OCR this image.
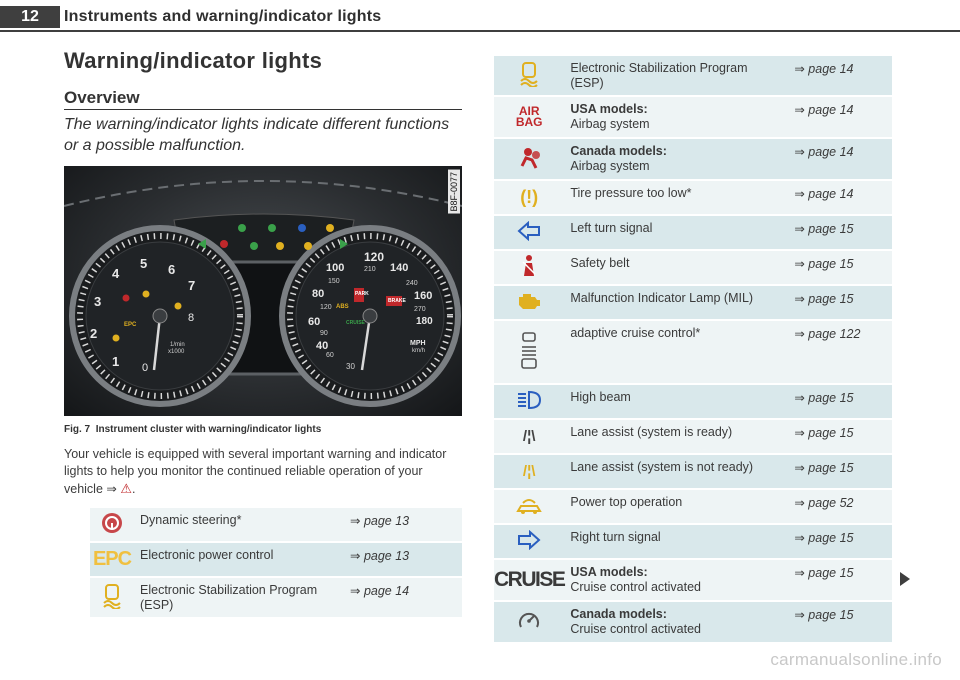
12	Instruments and warning/indicator lights
Warning/indicator lights
Overview

The warning/indicator lights indicate different functions or a possible malfunction.

1
2
3
4
5 6
7
8
0
1/min
x1000
EPC
120
100	140
80	160
60
40
180
210
240
150
270
120
90
60
30
MPH
km/h
ABS
CRUISE
BRAKE
PARK
B8F-0077

Fig. 7 Instrument cluster with warning/indicator lights

Your vehicle is equipped with several important warning and indicator lights to help you monitor the continued reliable operation of your vehicle ⇒ ⚠.

	Dynamic steering*	⇒ page 13
EPC	Electronic power control	⇒ page 13
	Electronic Stabilization Program (ESP)	⇒ page 14
	Electronic Stabilization Program (ESP)	⇒ page 14

AIR
BAG	USA models:
Airbag system	⇒ page 14

Canada models:
Airbag system	⇒ page 14
(!)	Tire pressure too low*	⇒ page 14
	Left turn signal	⇒ page 15
	Safety belt	⇒ page 15
	Malfunction Indicator Lamp (MIL)	⇒ page 15
	adaptive cruise control*	⇒ page 122
	High beam	⇒ page 15
/¦\	Lane assist (system is ready)	⇒ page 15
/¦\	Lane assist (system is not ready)	⇒ page 15
	Power top operation	⇒ page 52
	Right turn signal	⇒ page 15
CRUISE	USA models:
Cruise control activated	⇒ page 15

Canada models:
Cruise control activated	⇒ page 15
carmanualsonline.info
